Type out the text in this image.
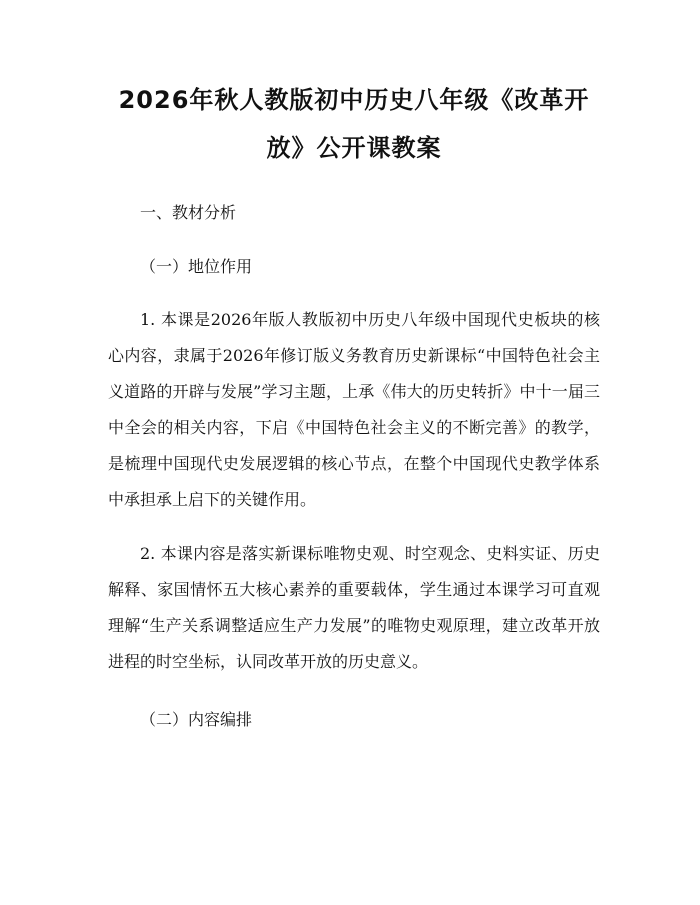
2026年秋人教版初中历史八年级《改革开
放》公开课教案
一、教材分析
（一）地位作用

1. 本课是2026年版人教版初中历史八年级中国现代史板块的核心内容，隶属于2026年修订版义务教育历史新课标“中国特色社会主义道路的开辟与发展”学习主题，上承《伟大的历史转折》中十一届三中全会的相关内容，下启《中国特色社会主义的不断完善》的教学，是梳理中国现代史发展逻辑的核心节点，在整个中国现代史教学体系中承担承上启下的关键作用。

2. 本课内容是落实新课标唯物史观、时空观念、史料实证、历史解释、家国情怀五大核心素养的重要载体，学生通过本课学习可直观理解“生产关系调整适应生产力发展”的唯物史观原理，建立改革开放进程的时空坐标，认同改革开放的历史意义。

（二）内容编排
